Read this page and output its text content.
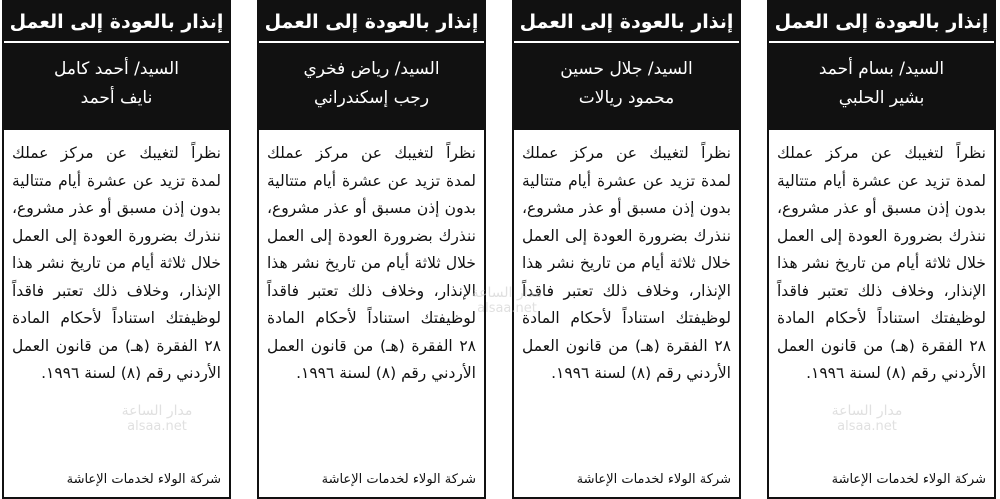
إنذار بالعودة إلى العمل
السيد/ بسام أحمد
بشير الحلبي
نظراً لتغيبك عن مركز عملك لمدة تزيد عن عشرة أيام متتالية بدون إذن مسبق أو عذر مشروع، ننذرك بضرورة العودة إلى العمل خلال ثلاثة أيام من تاريخ نشر هذا الإنذار، وخلاف ذلك تعتبر فاقداً لوظيفتك استناداً لأحكام المادة ٢٨ الفقرة (هـ) من قانون العمل الأردني رقم (٨) لسنة ١٩٩٦.
شركة الولاء لخدمات الإعاشة
إنذار بالعودة إلى العمل
السيد/ جلال حسين
محمود ريالات
نظراً لتغيبك عن مركز عملك لمدة تزيد عن عشرة أيام متتالية بدون إذن مسبق أو عذر مشروع، ننذرك بضرورة العودة إلى العمل خلال ثلاثة أيام من تاريخ نشر هذا الإنذار، وخلاف ذلك تعتبر فاقداً لوظيفتك استناداً لأحكام المادة ٢٨ الفقرة (هـ) من قانون العمل الأردني رقم (٨) لسنة ١٩٩٦.
شركة الولاء لخدمات الإعاشة
إنذار بالعودة إلى العمل
السيد/ رياض فخري
رجب إسكندراني
نظراً لتغيبك عن مركز عملك لمدة تزيد عن عشرة أيام متتالية بدون إذن مسبق أو عذر مشروع، ننذرك بضرورة العودة إلى العمل خلال ثلاثة أيام من تاريخ نشر هذا الإنذار، وخلاف ذلك تعتبر فاقداً لوظيفتك استناداً لأحكام المادة ٢٨ الفقرة (هـ) من قانون العمل الأردني رقم (٨) لسنة ١٩٩٦.
شركة الولاء لخدمات الإعاشة
إنذار بالعودة إلى العمل
السيد/ أحمد كامل
نايف أحمد
نظراً لتغيبك عن مركز عملك لمدة تزيد عن عشرة أيام متتالية بدون إذن مسبق أو عذر مشروع، ننذرك بضرورة العودة إلى العمل خلال ثلاثة أيام من تاريخ نشر هذا الإنذار، وخلاف ذلك تعتبر فاقداً لوظيفتك استناداً لأحكام المادة ٢٨ الفقرة (هـ) من قانون العمل الأردني رقم (٨) لسنة ١٩٩٦.
شركة الولاء لخدمات الإعاشة
مدار الساعة
alsaa.net
مدار الساعة
alsaa.net
مدار الساعة
alsaa.net
